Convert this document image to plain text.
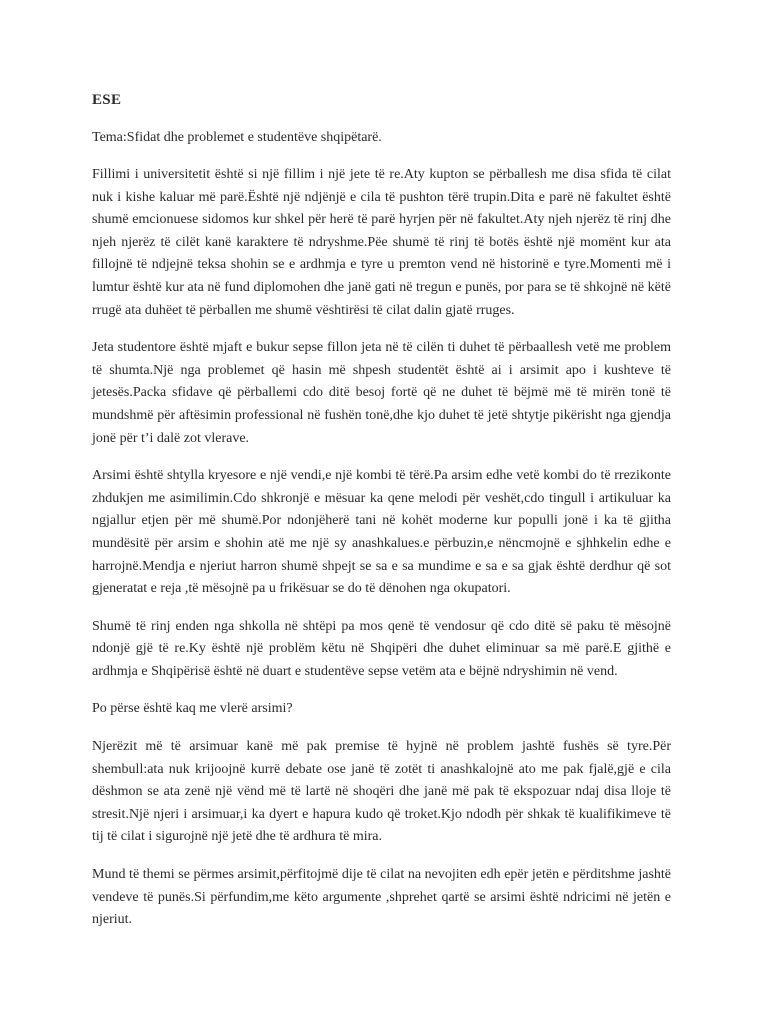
ESE

Tema:Sfidat dhe problemet e studentëve shqipëtarë.

Fillimi i universitetit është si një fillim i një jete të re.Aty kupton se përballesh me disa sfida të cilat nuk i kishe kaluar më parë.Është një ndjënjë e cila të pushton tërë trupin.Dita e parë në fakultet është shumë emcionuese sidomos kur shkel për herë të parë hyrjen për në fakultet.Aty njeh njerëz të rinj dhe njeh njerëz të cilët kanë karaktere të ndryshme.Pëe shumë të rinj të botës është një momënt kur ata fillojnë të ndjejnë teksa shohin se e ardhmja e tyre u premton vend në historinë e tyre.Momenti më i lumtur është kur ata në fund diplomohen dhe janë gati në tregun e punës, por para se të shkojnë në këtë rrugë ata duhëet të përballen me shumë vështirësi të cilat dalin gjatë rruges.

Jeta studentore është mjaft e bukur sepse fillon jeta në të cilën ti duhet të përbaallesh vetë me problem të shumta.Një nga problemet që hasin më shpesh studentët është ai i arsimit apo i kushteve të jetesës.Packa sfidave që përballemi cdo ditë besoj fortë që ne duhet të bëjmë më të mirën tonë të mundshmë për aftësimin professional në fushën tonë,dhe kjo duhet të jetë shtytje pikërisht nga gjendja jonë për t’i dalë zot vlerave.

Arsimi është shtylla kryesore e një vendi,e një kombi të tërë.Pa arsim edhe vetë kombi do të rrezikonte zhdukjen me asimilimin.Cdo shkronjë e mësuar ka qene melodi për veshët,cdo tingull i artikuluar ka ngjallur etjen për më shumë.Por ndonjëherë tani në kohët moderne kur populli jonë i ka të gjitha mundësitë për arsim e shohin atë me një sy anashkalues.e përbuzin,e nëncmojnë e sjhhkelin edhe e harrojnë.Mendja e njeriut harron shumë shpejt se sa e sa mundime e sa e sa gjak është derdhur që sot gjeneratat e reja ,të mësojnë pa u frikësuar se do të dënohen nga okupatori.

Shumë të rinj enden nga shkolla në shtëpi pa mos qenë të vendosur që cdo ditë së paku të mësojnë ndonjë gjë të re.Ky është një problëm këtu në Shqipëri dhe duhet eliminuar sa më parë.E gjithë e ardhmja e Shqipërisë është në duart e studentëve sepse vetëm ata e bëjnë ndryshimin në vend.

Po përse është kaq me vlerë arsimi?

Njerëzit më të arsimuar kanë më pak premise të hyjnë në problem jashtë fushës së tyre.Për shembull:ata nuk krijoojnë kurrë debate ose janë të zotët ti anashkalojnë ato me pak fjalë,gjë e cila dëshmon se ata zenë një vënd më të lartë në shoqëri dhe janë më pak të ekspozuar ndaj disa lloje të stresit.Një njeri i arsimuar,i ka dyert e hapura kudo që troket.Kjo ndodh për shkak të kualifikimeve të tij të cilat i sigurojnë një jetë dhe të ardhura të mira.

Mund të themi se përmes arsimit,përfitojmë dije të cilat na nevojiten edh epër jetën e përditshme jashtë vendeve të punës.Si përfundim,me këto argumente ,shprehet qartë se arsimi është ndricimi në jetën e njeriut.
